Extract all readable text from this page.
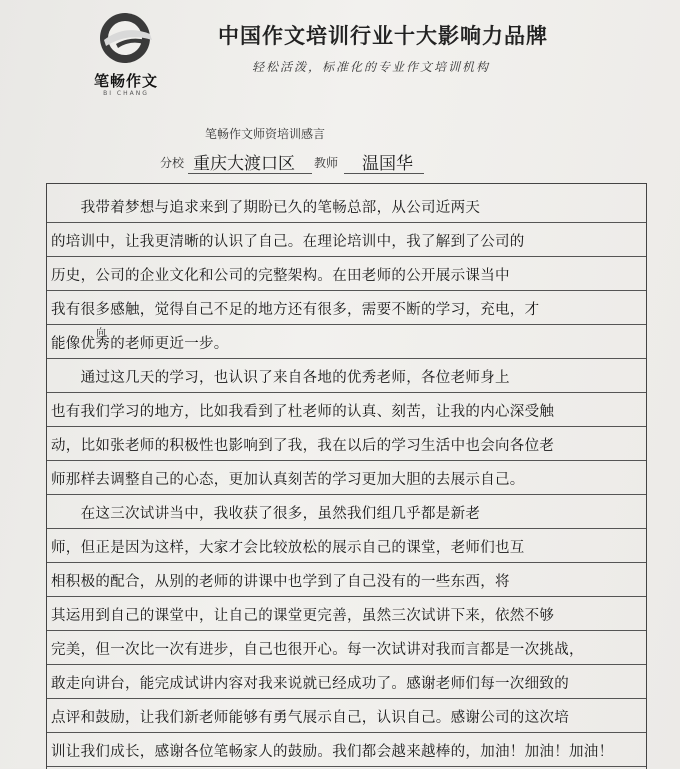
笔畅作文
BI CHANG
中国作文培训行业十大影响力品牌
轻松活泼，标准化的专业作文培训机构
笔畅作文师资培训感言
分校 重庆大渡口区 教师 温国华
向
　　我带着梦想与追求来到了期盼已久的笔畅总部，从公司近两天
的培训中，让我更清晰的认识了自己。在理论培训中，我了解到了公司的
历史，公司的企业文化和公司的完整架构。在田老师的公开展示课当中
我有很多感触，觉得自己不足的地方还有很多，需要不断的学习，充电，才
能像优秀的老师更近一步。
　　通过这几天的学习，也认识了来自各地的优秀老师，各位老师身上
也有我们学习的地方，比如我看到了杜老师的认真、刻苦，让我的内心深受触
动，比如张老师的积极性也影响到了我，我在以后的学习生活中也会向各位老
师那样去调整自己的心态，更加认真刻苦的学习更加大胆的去展示自己。
　　在这三次试讲当中，我收获了很多，虽然我们组几乎都是新老
师，但正是因为这样，大家才会比较放松的展示自己的课堂，老师们也互
相积极的配合，从别的老师的讲课中也学到了自己没有的一些东西，将
其运用到自己的课堂中，让自己的课堂更完善，虽然三次试讲下来，依然不够
完美，但一次比一次有进步，自己也很开心。每一次试讲对我而言都是一次挑战，
敢走向讲台，能完成试讲内容对我来说就已经成功了。感谢老师们每一次细致的
点评和鼓励，让我们新老师能够有勇气展示自己，认识自己。感谢公司的这次培
训让我们成长，感谢各位笔畅家人的鼓励。我们都会越来越棒的，加油！加油！加油！
